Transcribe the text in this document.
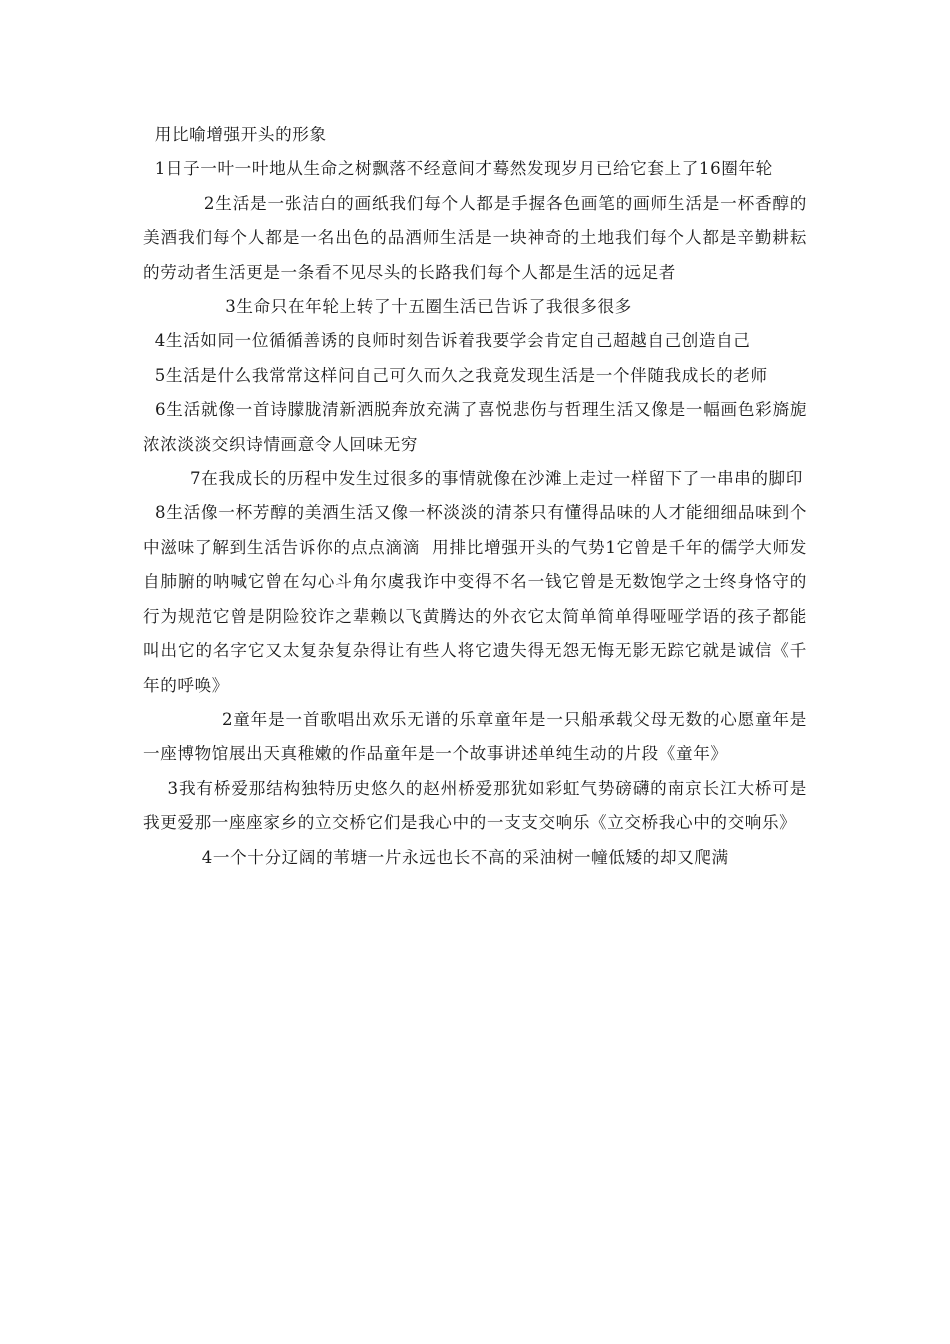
用比喻增强开头的形象

1日子一叶一叶地从生命之树飘落不经意间才蓦然发现岁月已给它套上了16圈年轮

2生活是一张洁白的画纸我们每个人都是手握各色画笔的画师生活是一杯香醇的美酒我们每个人都是一名出色的品酒师生活是一块神奇的土地我们每个人都是辛勤耕耘的劳动者生活更是一条看不见尽头的长路我们每个人都是生活的远足者

3生命只在年轮上转了十五圈生活已告诉了我很多很多

4生活如同一位循循善诱的良师时刻告诉着我要学会肯定自己超越自己创造自己

5生活是什么我常常这样问自己可久而久之我竟发现生活是一个伴随我成长的老师

6生活就像一首诗朦胧清新洒脱奔放充满了喜悦悲伤与哲理生活又像是一幅画色彩旖旎浓浓淡淡交织诗情画意令人回味无穷

7在我成长的历程中发生过很多的事情就像在沙滩上走过一样留下了一串串的脚印

8生活像一杯芳醇的美酒生活又像一杯淡淡的清茶只有懂得品味的人才能细细品味到个中滋味了解到生活告诉你的点点滴滴  用排比增强开头的气势1它曾是千年的儒学大师发自肺腑的呐喊它曾在勾心斗角尔虞我诈中变得不名一钱它曾是无数饱学之士终身恪守的行为规范它曾是阴险狡诈之辈赖以飞黄腾达的外衣它太简单简单得哑哑学语的孩子都能叫出它的名字它又太复杂复杂得让有些人将它遗失得无怨无悔无影无踪它就是诚信《千年的呼唤》

2童年是一首歌唱出欢乐无谱的乐章童年是一只船承载父母无数的心愿童年是一座博物馆展出天真稚嫩的作品童年是一个故事讲述单纯生动的片段《童年》

3我有桥爱那结构独特历史悠久的赵州桥爱那犹如彩虹气势磅礴的南京长江大桥可是我更爱那一座座家乡的立交桥它们是我心中的一支支交响乐《立交桥我心中的交响乐》

4一个十分辽阔的苇塘一片永远也长不高的采油树一幢低矮的却又爬满
